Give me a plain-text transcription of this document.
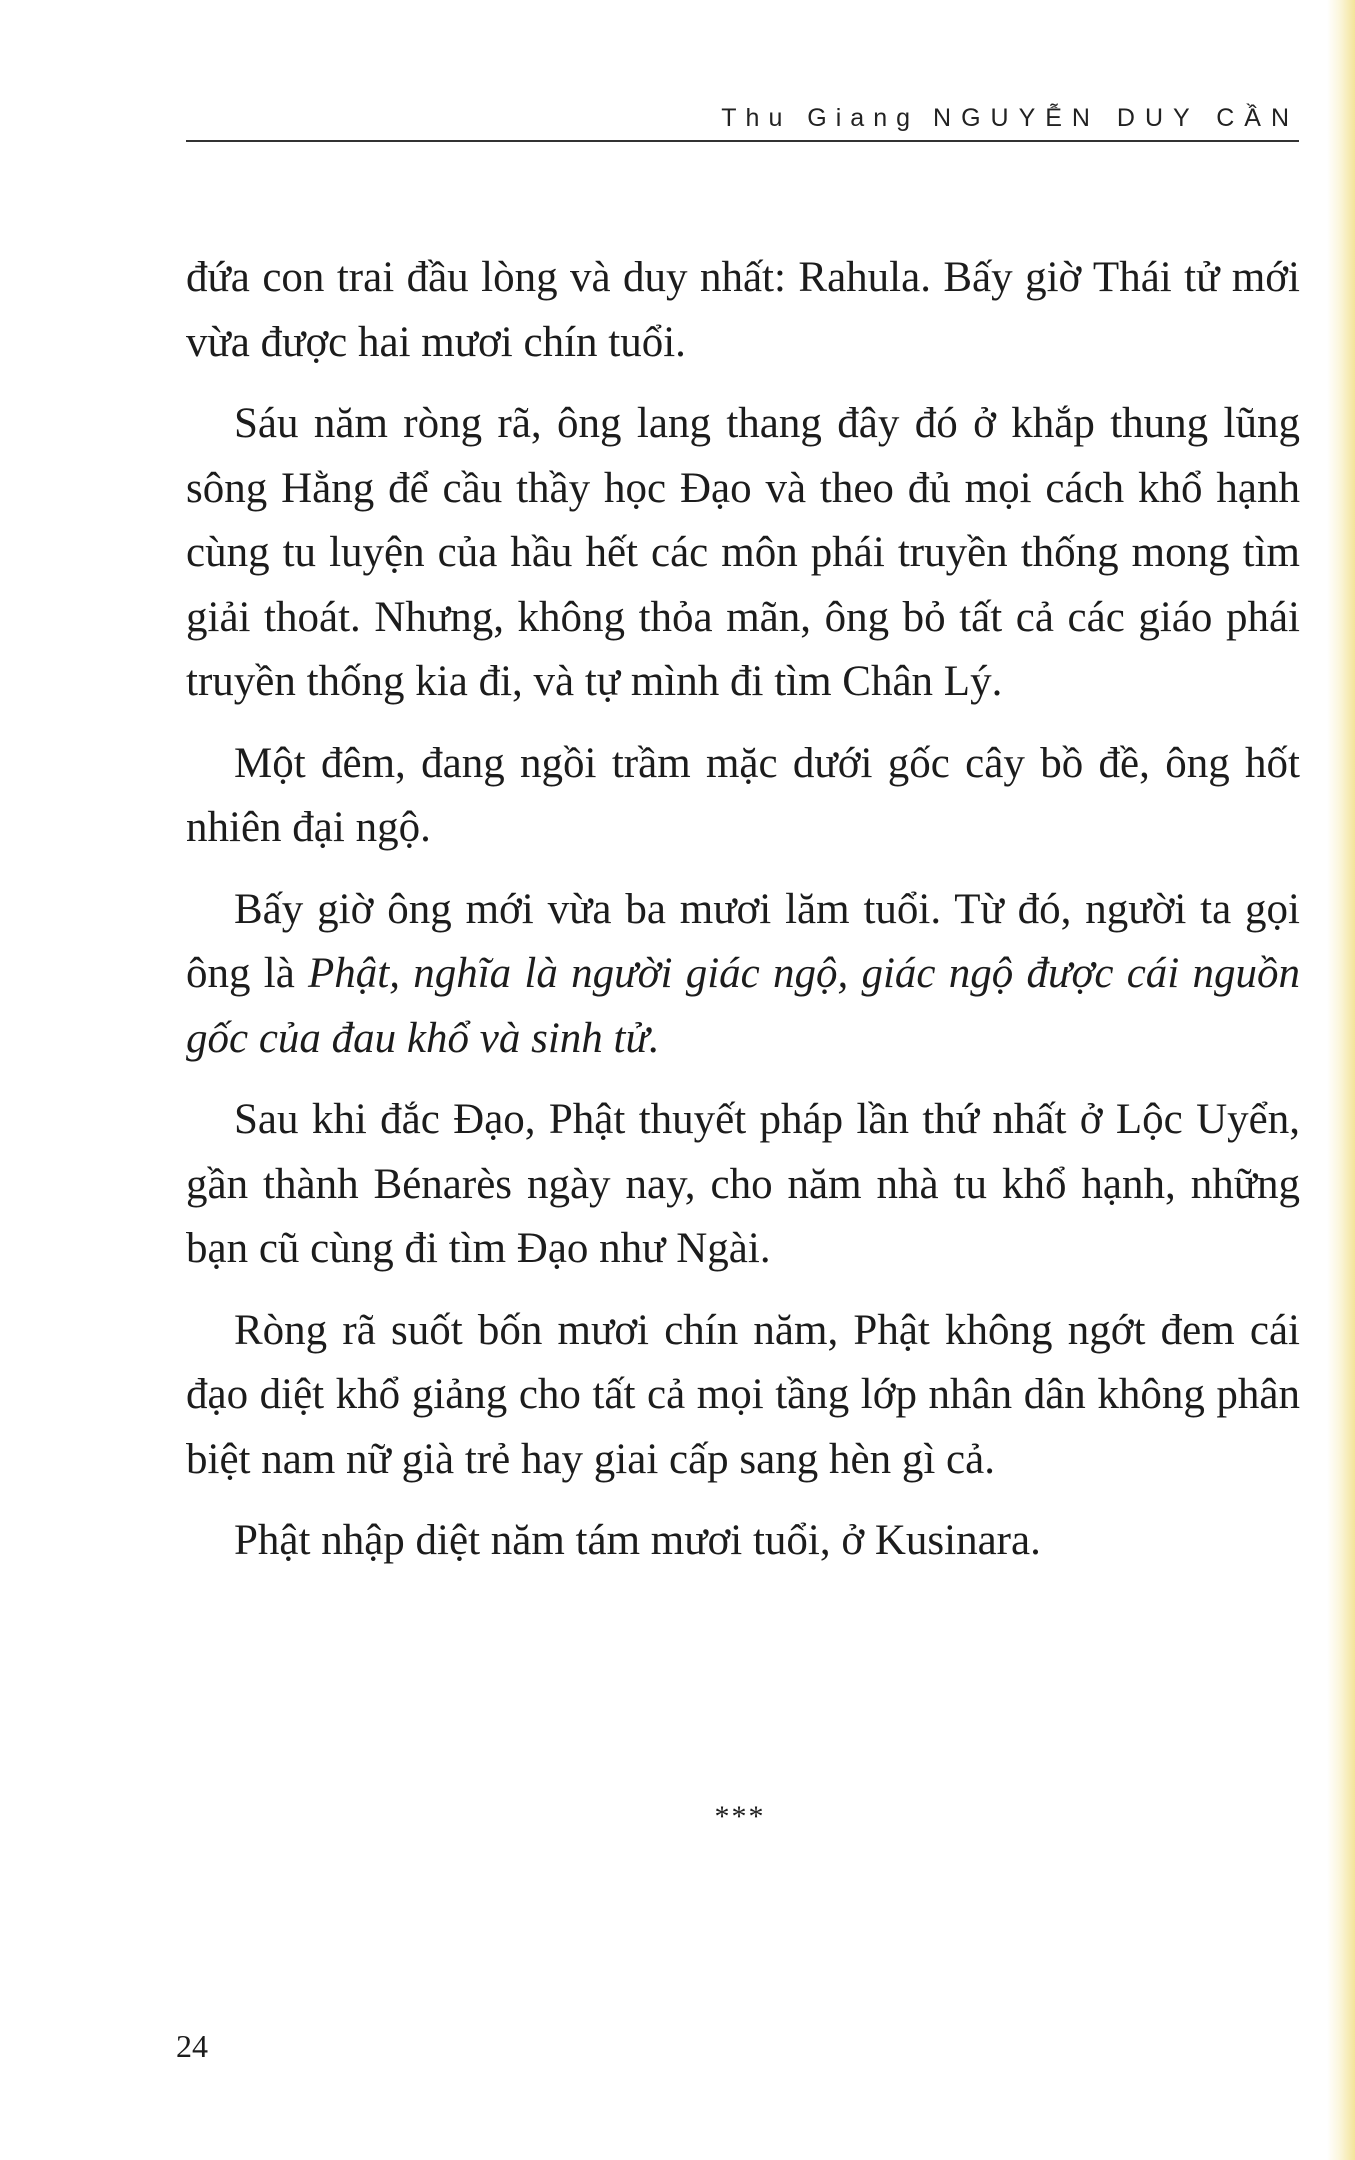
Thu Giang NGUYỄN DUY CẦN

đứa con trai đầu lòng và duy nhất: Rahula. Bấy giờ Thái tử mới vừa được hai mươi chín tuổi.

Sáu năm ròng rã, ông lang thang đây đó ở khắp thung lũng sông Hằng để cầu thầy học Đạo và theo đủ mọi cách khổ hạnh cùng tu luyện của hầu hết các môn phái truyền thống mong tìm giải thoát. Nhưng, không thỏa mãn, ông bỏ tất cả các giáo phái truyền thống kia đi, và tự mình đi tìm Chân Lý.

Một đêm, đang ngồi trầm mặc dưới gốc cây bồ đề, ông hốt nhiên đại ngộ.

Bấy giờ ông mới vừa ba mươi lăm tuổi. Từ đó, người ta gọi ông là Phật, nghĩa là người giác ngộ, giác ngộ được cái nguồn gốc của đau khổ và sinh tử.

Sau khi đắc Đạo, Phật thuyết pháp lần thứ nhất ở Lộc Uyển, gần thành Bénarès ngày nay, cho năm nhà tu khổ hạnh, những bạn cũ cùng đi tìm Đạo như Ngài.

Ròng rã suốt bốn mươi chín năm, Phật không ngớt đem cái đạo diệt khổ giảng cho tất cả mọi tầng lớp nhân dân không phân biệt nam nữ già trẻ hay giai cấp sang hèn gì cả.

Phật nhập diệt năm tám mươi tuổi, ở Kusinara.

***
24
